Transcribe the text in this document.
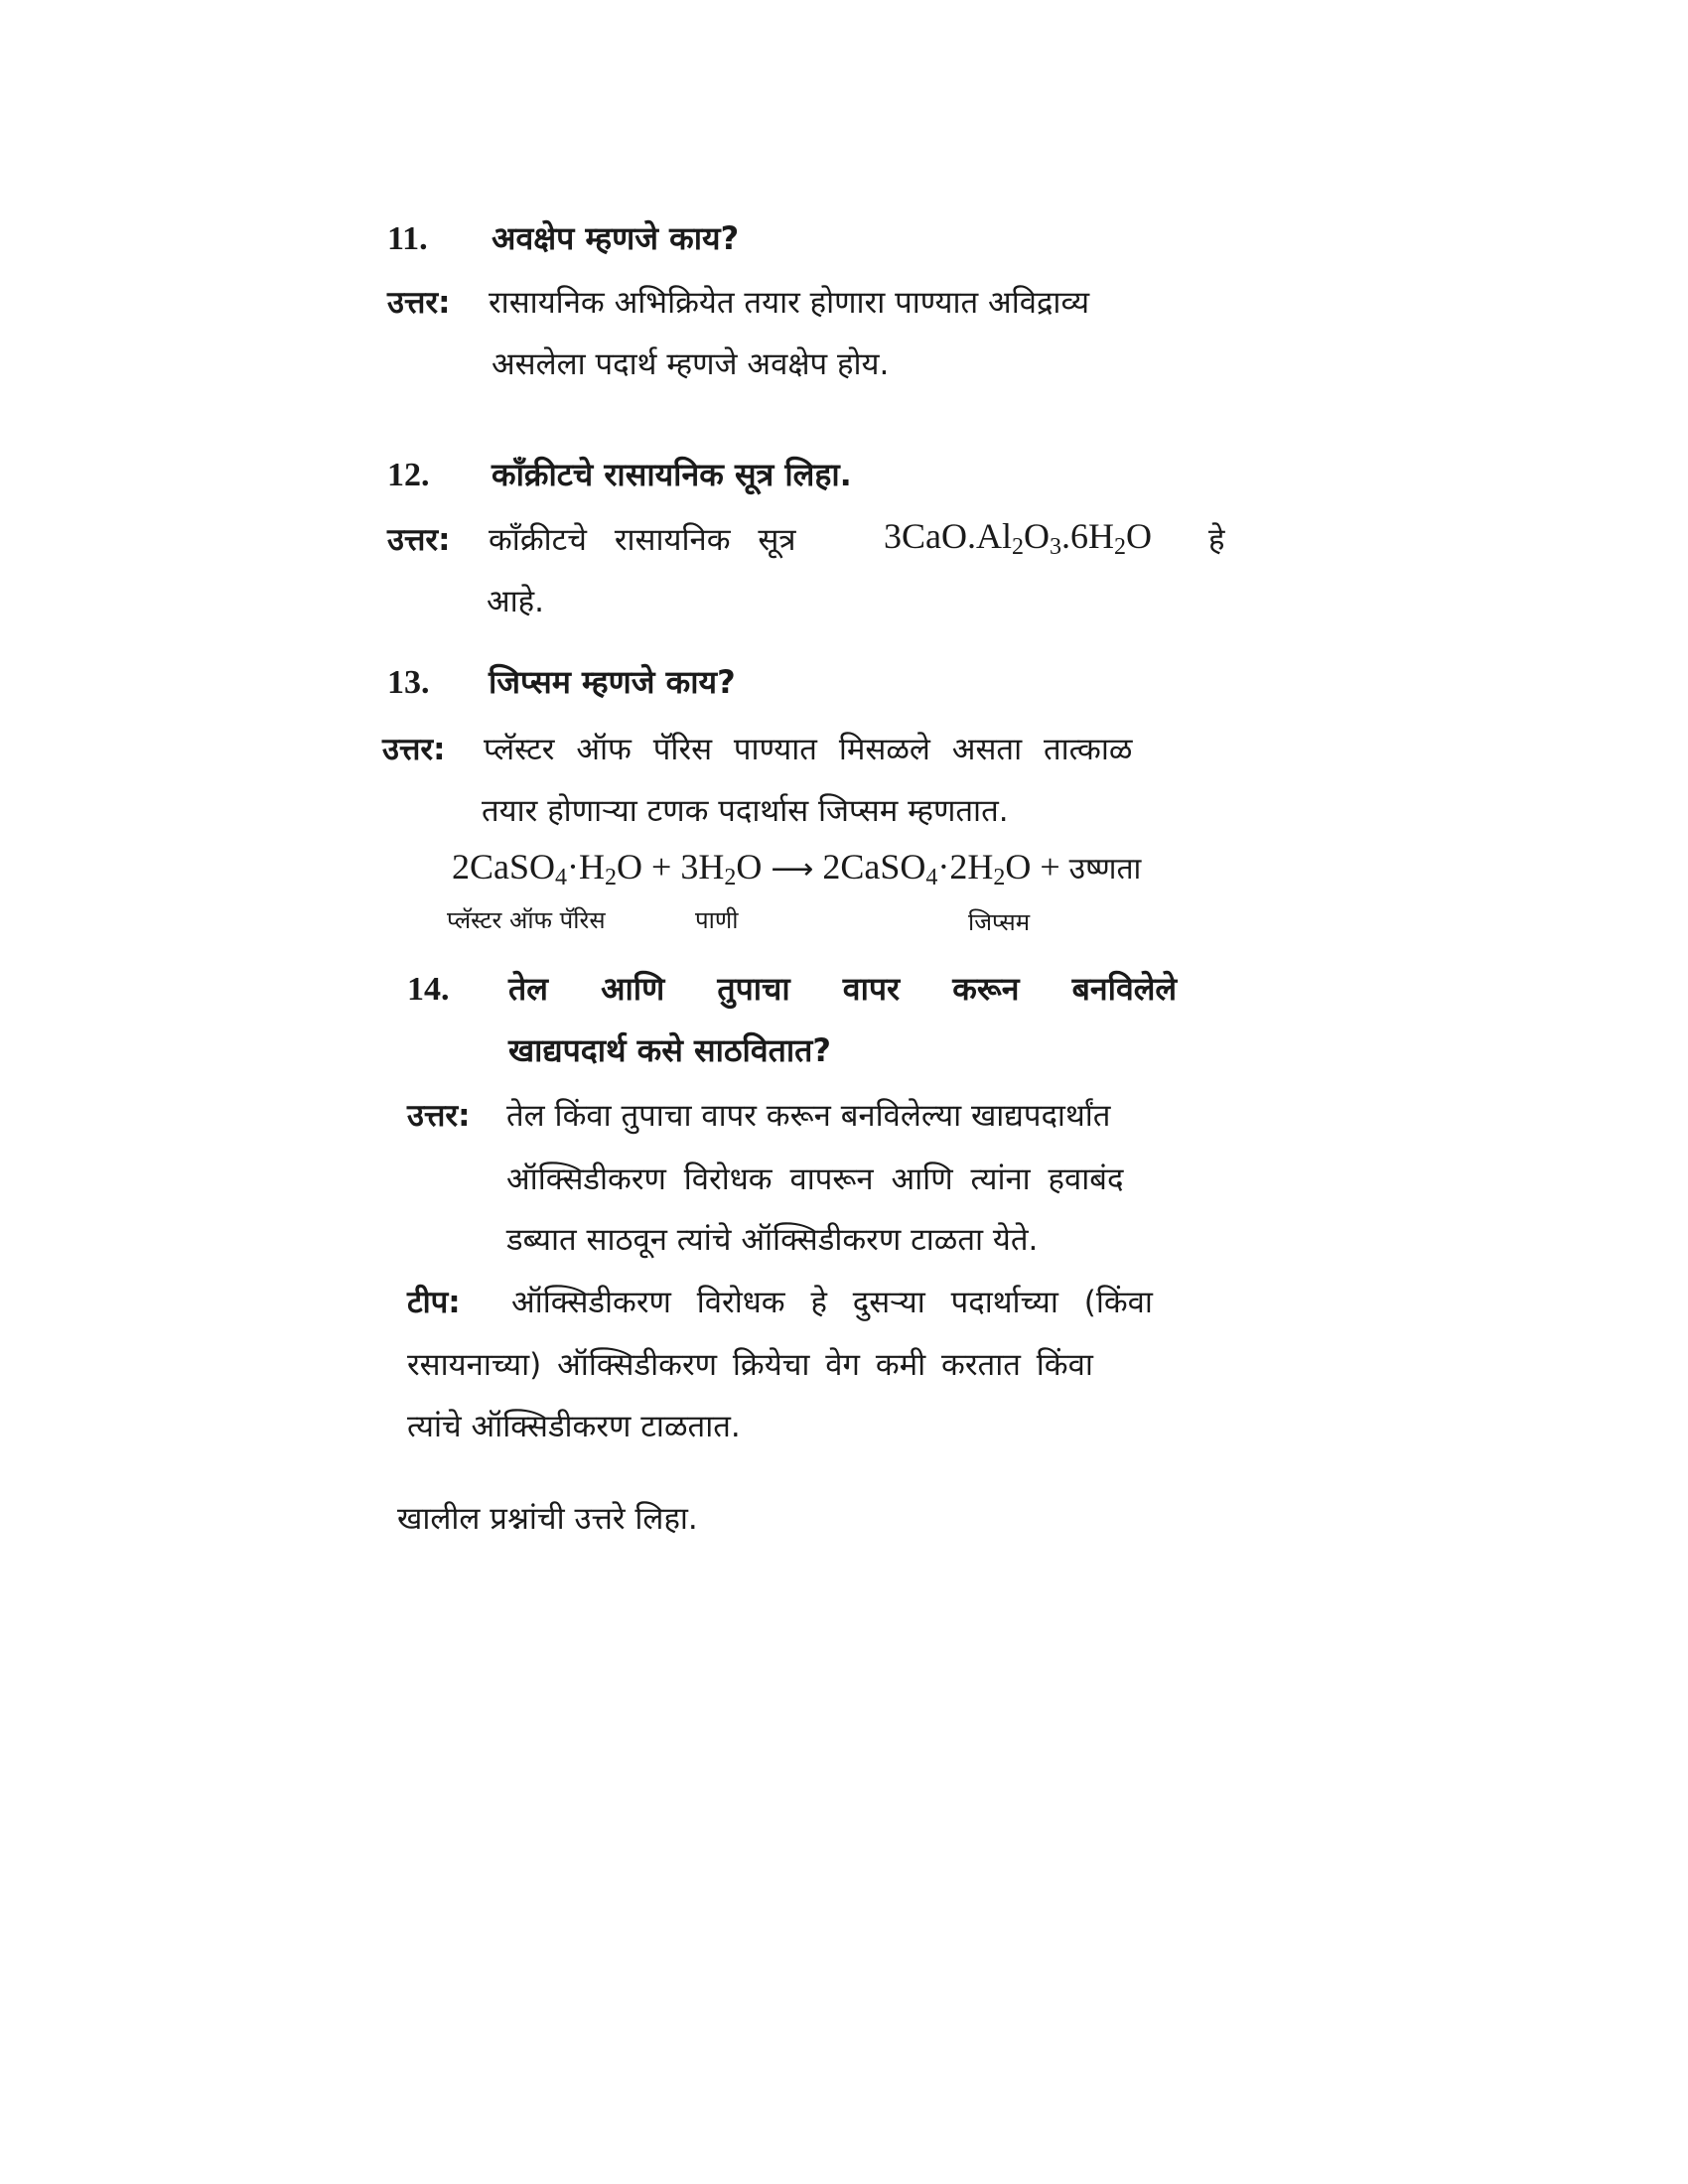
11. अवक्षेप म्हणजे काय?
उत्तर: रासायनिक अभिक्रियेत तयार होणारा पाण्यात अविद्राव्य
असलेला पदार्थ म्हणजे अवक्षेप होय.
12. काँक्रीटचे रासायनिक सूत्र लिहा.
उत्तर: काँक्रीटचे रासायनिक सूत्र $3CaO.Al_2O_3.6H_2O$ हे
आहे.
13. जिप्सम म्हणजे काय?
उत्तर: प्लॅस्टर ऑफ पॅरिस पाण्यात मिसळले असता तात्काळ
तयार होणाऱ्या टणक पदार्थास जिप्सम म्हणतात.
$2CaSO_4\cdot H_2O + 3H_2O$ ⟶ $2CaSO_4\cdot 2H_2O$ + उष्णता
प्लॅस्टर ऑफ पॅरिस	पाणी	जिप्सम
14. तेल आणि तुपाचा वापर करून बनविलेले
खाद्यपदार्थ कसे साठवितात?
उत्तर: तेल किंवा तुपाचा वापर करून बनविलेल्या खाद्यपदार्थांत
ऑक्सिडीकरण विरोधक वापरून आणि त्यांना हवाबंद
डब्यात साठवून त्यांचे ऑक्सिडीकरण टाळता येते.
टीप: ऑक्सिडीकरण विरोधक हे दुसऱ्या पदार्थाच्या (किंवा
रसायनाच्या) ऑक्सिडीकरण क्रियेचा वेग कमी करतात किंवा
त्यांचे ऑक्सिडीकरण टाळतात.
खालील प्रश्नांची उत्तरे लिहा.
